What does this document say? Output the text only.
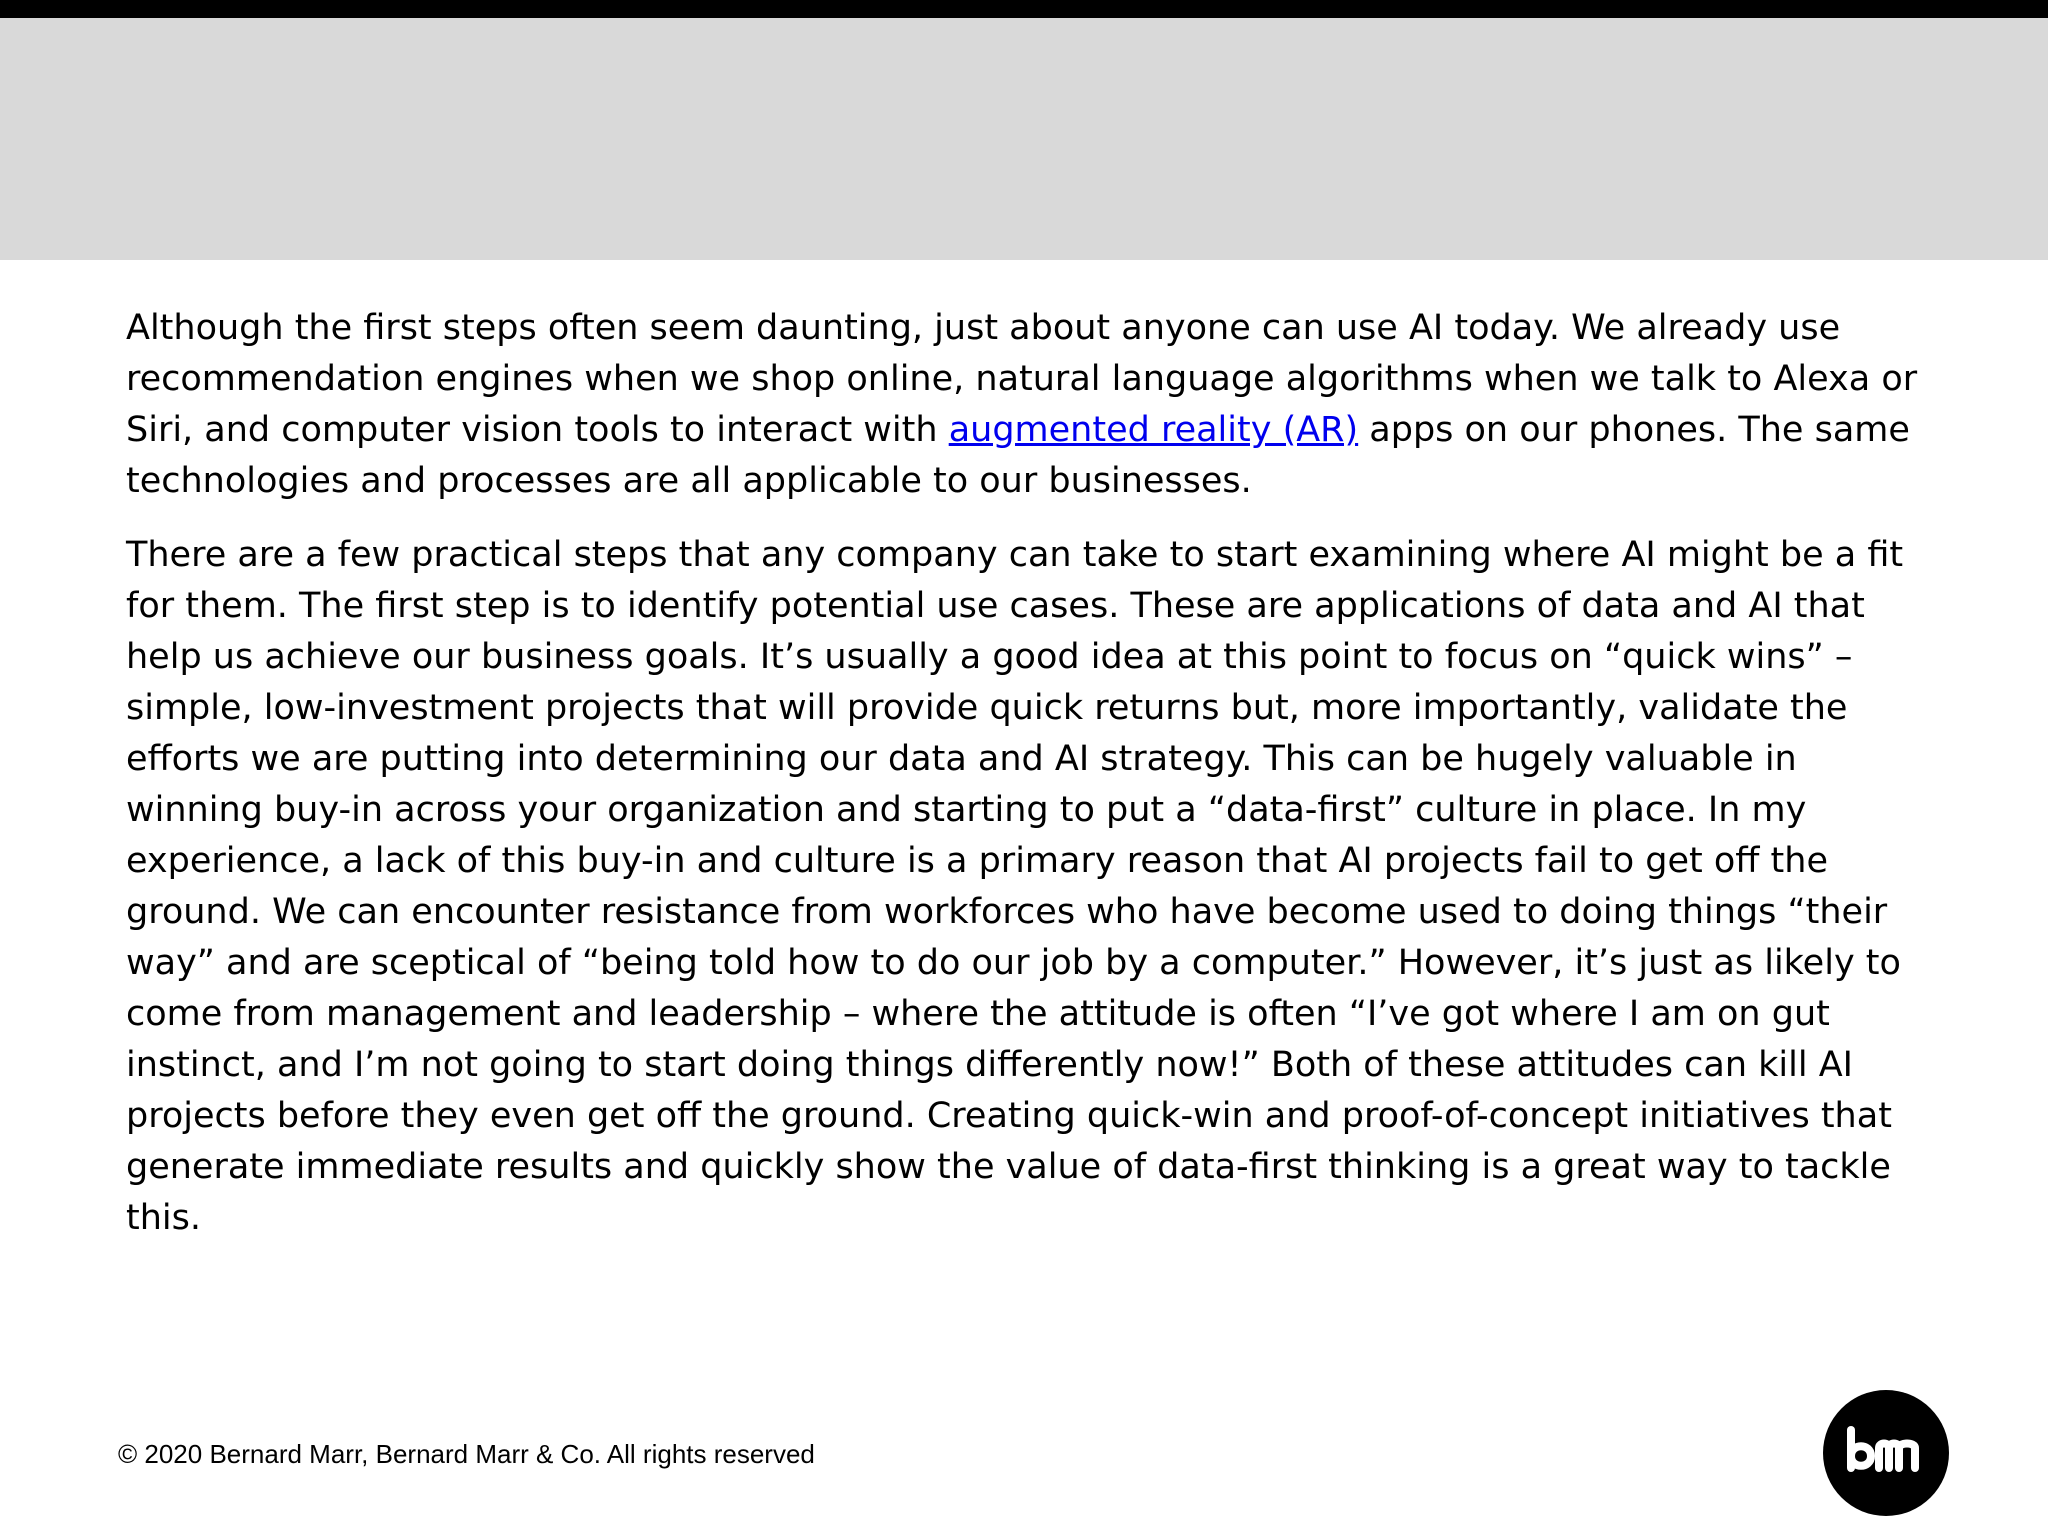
Although the first steps often seem daunting, just about anyone can use AI today. We already use recommendation engines when we shop online, natural language algorithms when we talk to Alexa or Siri, and computer vision tools to interact with augmented reality (AR) apps on our phones. The same technologies and processes are all applicable to our businesses.

There are a few practical steps that any company can take to start examining where AI might be a fit for them. The first step is to identify potential use cases. These are applications of data and AI that help us achieve our business goals. It’s usually a good idea at this point to focus on “quick wins” – simple, low-investment projects that will provide quick returns but, more importantly, validate the efforts we are putting into determining our data and AI strategy. This can be hugely valuable in winning buy-in across your organization and starting to put a “data-first” culture in place. In my experience, a lack of this buy-in and culture is a primary reason that AI projects fail to get off the ground. We can encounter resistance from workforces who have become used to doing things “their way” and are sceptical of “being told how to do our job by a computer.” However, it’s just as likely to come from management and leadership – where the attitude is often “I’ve got where I am on gut instinct, and I’m not going to start doing things differently now!” Both of these attitudes can kill AI projects before they even get off the ground. Creating quick-win and proof-of-concept initiatives that generate immediate results and quickly show the value of data-first thinking is a great way to tackle this.

© 2020 Bernard Marr, Bernard Marr & Co. All rights reserved
